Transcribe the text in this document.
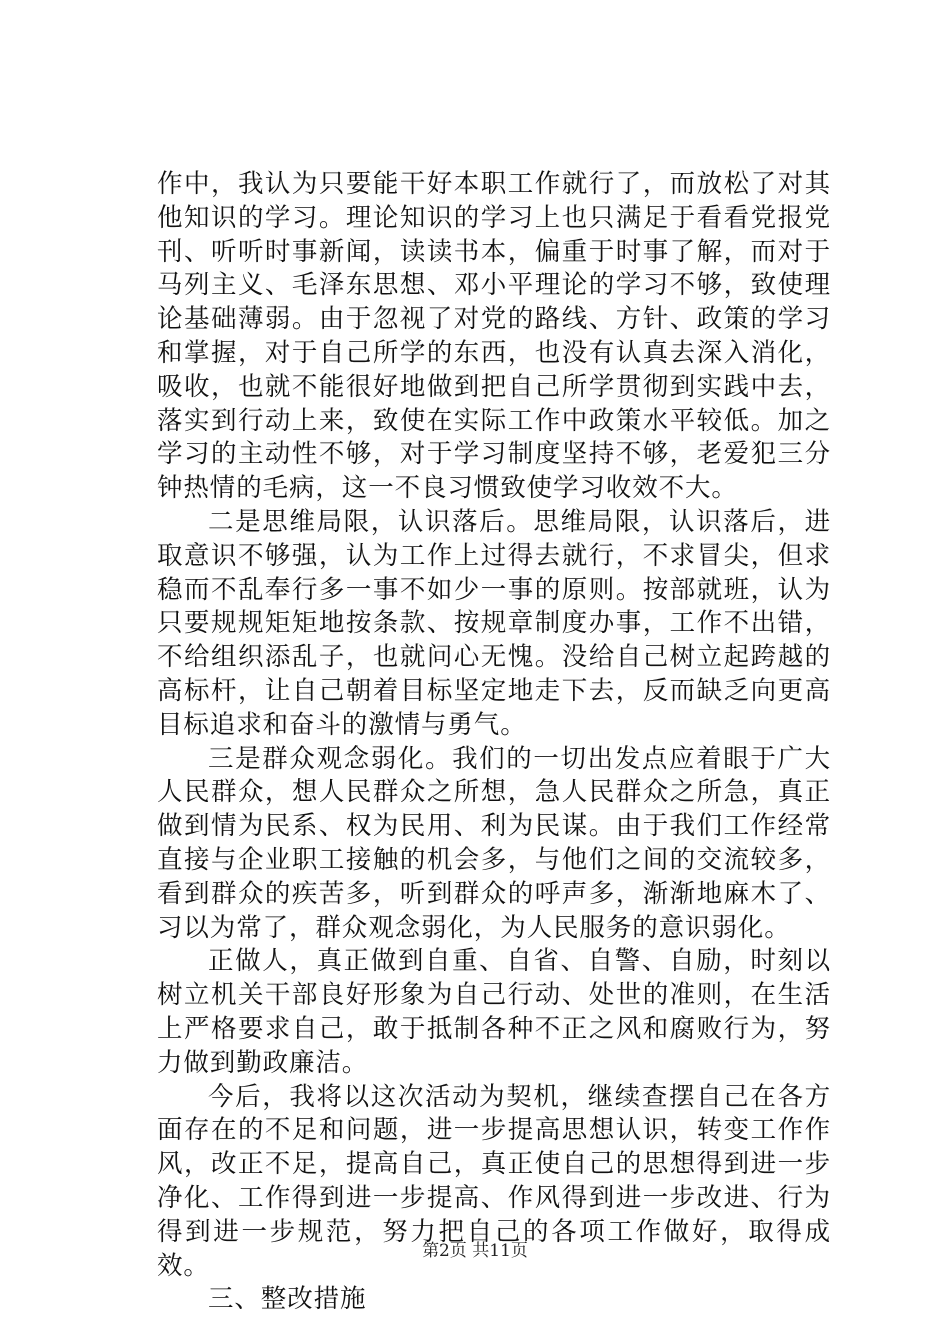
作中，我认为只要能干好本职工作就行了，而放松了对其他知识的学习。理论知识的学习上也只满足于看看党报党刊、听听时事新闻，读读书本，偏重于时事了解，而对于马列主义、毛泽东思想、邓小平理论的学习不够，致使理论基础薄弱。由于忽视了对党的路线、方针、政策的学习和掌握，对于自己所学的东西，也没有认真去深入消化，吸收，也就不能很好地做到把自己所学贯彻到实践中去，落实到行动上来，致使在实际工作中政策水平较低。加之学习的主动性不够，对于学习制度坚持不够，老爱犯三分钟热情的毛病，这一不良习惯致使学习收效不大。

二是思维局限，认识落后。思维局限，认识落后，进取意识不够强，认为工作上过得去就行，不求冒尖，但求稳而不乱奉行多一事不如少一事的原则。按部就班，认为只要规规矩矩地按条款、按规章制度办事，工作不出错，不给组织添乱子，也就问心无愧。没给自己树立起跨越的高标杆，让自己朝着目标坚定地走下去，反而缺乏向更高目标追求和奋斗的激情与勇气。

三是群众观念弱化。我们的一切出发点应着眼于广大人民群众，想人民群众之所想，急人民群众之所急，真正做到情为民系、权为民用、利为民谋。由于我们工作经常直接与企业职工接触的机会多，与他们之间的交流较多，看到群众的疾苦多，听到群众的呼声多，渐渐地麻木了、习以为常了，群众观念弱化，为人民服务的意识弱化。

正做人，真正做到自重、自省、自警、自励，时刻以树立机关干部良好形象为自己行动、处世的准则，在生活上严格要求自己，敢于抵制各种不正之风和腐败行为，努力做到勤政廉洁。

今后，我将以这次活动为契机，继续查摆自己在各方面存在的不足和问题，进一步提高思想认识，转变工作作风，改正不足，提高自己，真正使自己的思想得到进一步净化、工作得到进一步提高、作风得到进一步改进、行为得到进一步规范，努力把自己的各项工作做好，取得成效。

三、整改措施

第2页 共11页
